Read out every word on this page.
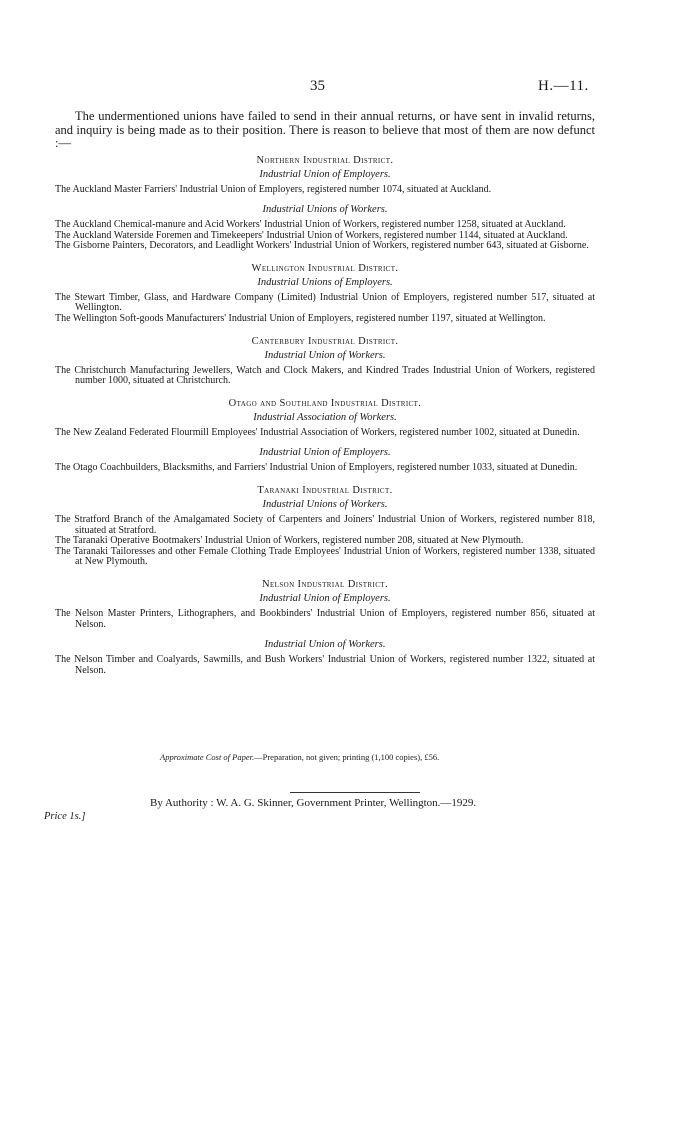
35	H.—11.

The undermentioned unions have failed to send in their annual returns, or have sent in invalid returns, and inquiry is being made as to their position. There is reason to believe that most of them are now defunct :—

Northern Industrial District.

Industrial Union of Employers.

The Auckland Master Farriers' Industrial Union of Employers, registered number 1074, situated at Auckland.

Industrial Unions of Workers.

The Auckland Chemical-manure and Acid Workers' Industrial Union of Workers, registered number 1258, situated at Auckland.

The Auckland Waterside Foremen and Timekeepers' Industrial Union of Workers, registered number 1144, situated at Auckland.

The Gisborne Painters, Decorators, and Leadlight Workers' Industrial Union of Workers, registered number 643, situated at Gisborne.

Wellington Industrial District.

Industrial Unions of Employers.

The Stewart Timber, Glass, and Hardware Company (Limited) Industrial Union of Employers, registered number 517, situated at Wellington.

The Wellington Soft-goods Manufacturers' Industrial Union of Employers, registered number 1197, situated at Wellington.

Canterbury Industrial District.

Industrial Union of Workers.

The Christchurch Manufacturing Jewellers, Watch and Clock Makers, and Kindred Trades Industrial Union of Workers, registered number 1000, situated at Christchurch.

Otago and Southland Industrial District.

Industrial Association of Workers.

The New Zealand Federated Flourmill Employees' Industrial Association of Workers, registered number 1002, situated at Dunedin.

Industrial Union of Employers.

The Otago Coachbuilders, Blacksmiths, and Farriers' Industrial Union of Employers, registered number 1033, situated at Dunedin.

Taranaki Industrial District.

Industrial Unions of Workers.

The Stratford Branch of the Amalgamated Society of Carpenters and Joiners' Industrial Union of Workers, registered number 818, situated at Stratford.

The Taranaki Operative Bootmakers' Industrial Union of Workers, registered number 208, situated at New Plymouth.

The Taranaki Tailoresses and other Female Clothing Trade Employees' Industrial Union of Workers, registered number 1338, situated at New Plymouth.

Nelson Industrial District.

Industrial Union of Employers.

The Nelson Master Printers, Lithographers, and Bookbinders' Industrial Union of Employers, registered number 856, situated at Nelson.

Industrial Union of Workers.

The Nelson Timber and Coalyards, Sawmills, and Bush Workers' Industrial Union of Workers, registered number 1322, situated at Nelson.

Approximate Cost of Paper.—Preparation, not given; printing (1,100 copies), £56.
By Authority : W. A. G. Skinner, Government Printer, Wellington.—1929.
Price 1s.]
